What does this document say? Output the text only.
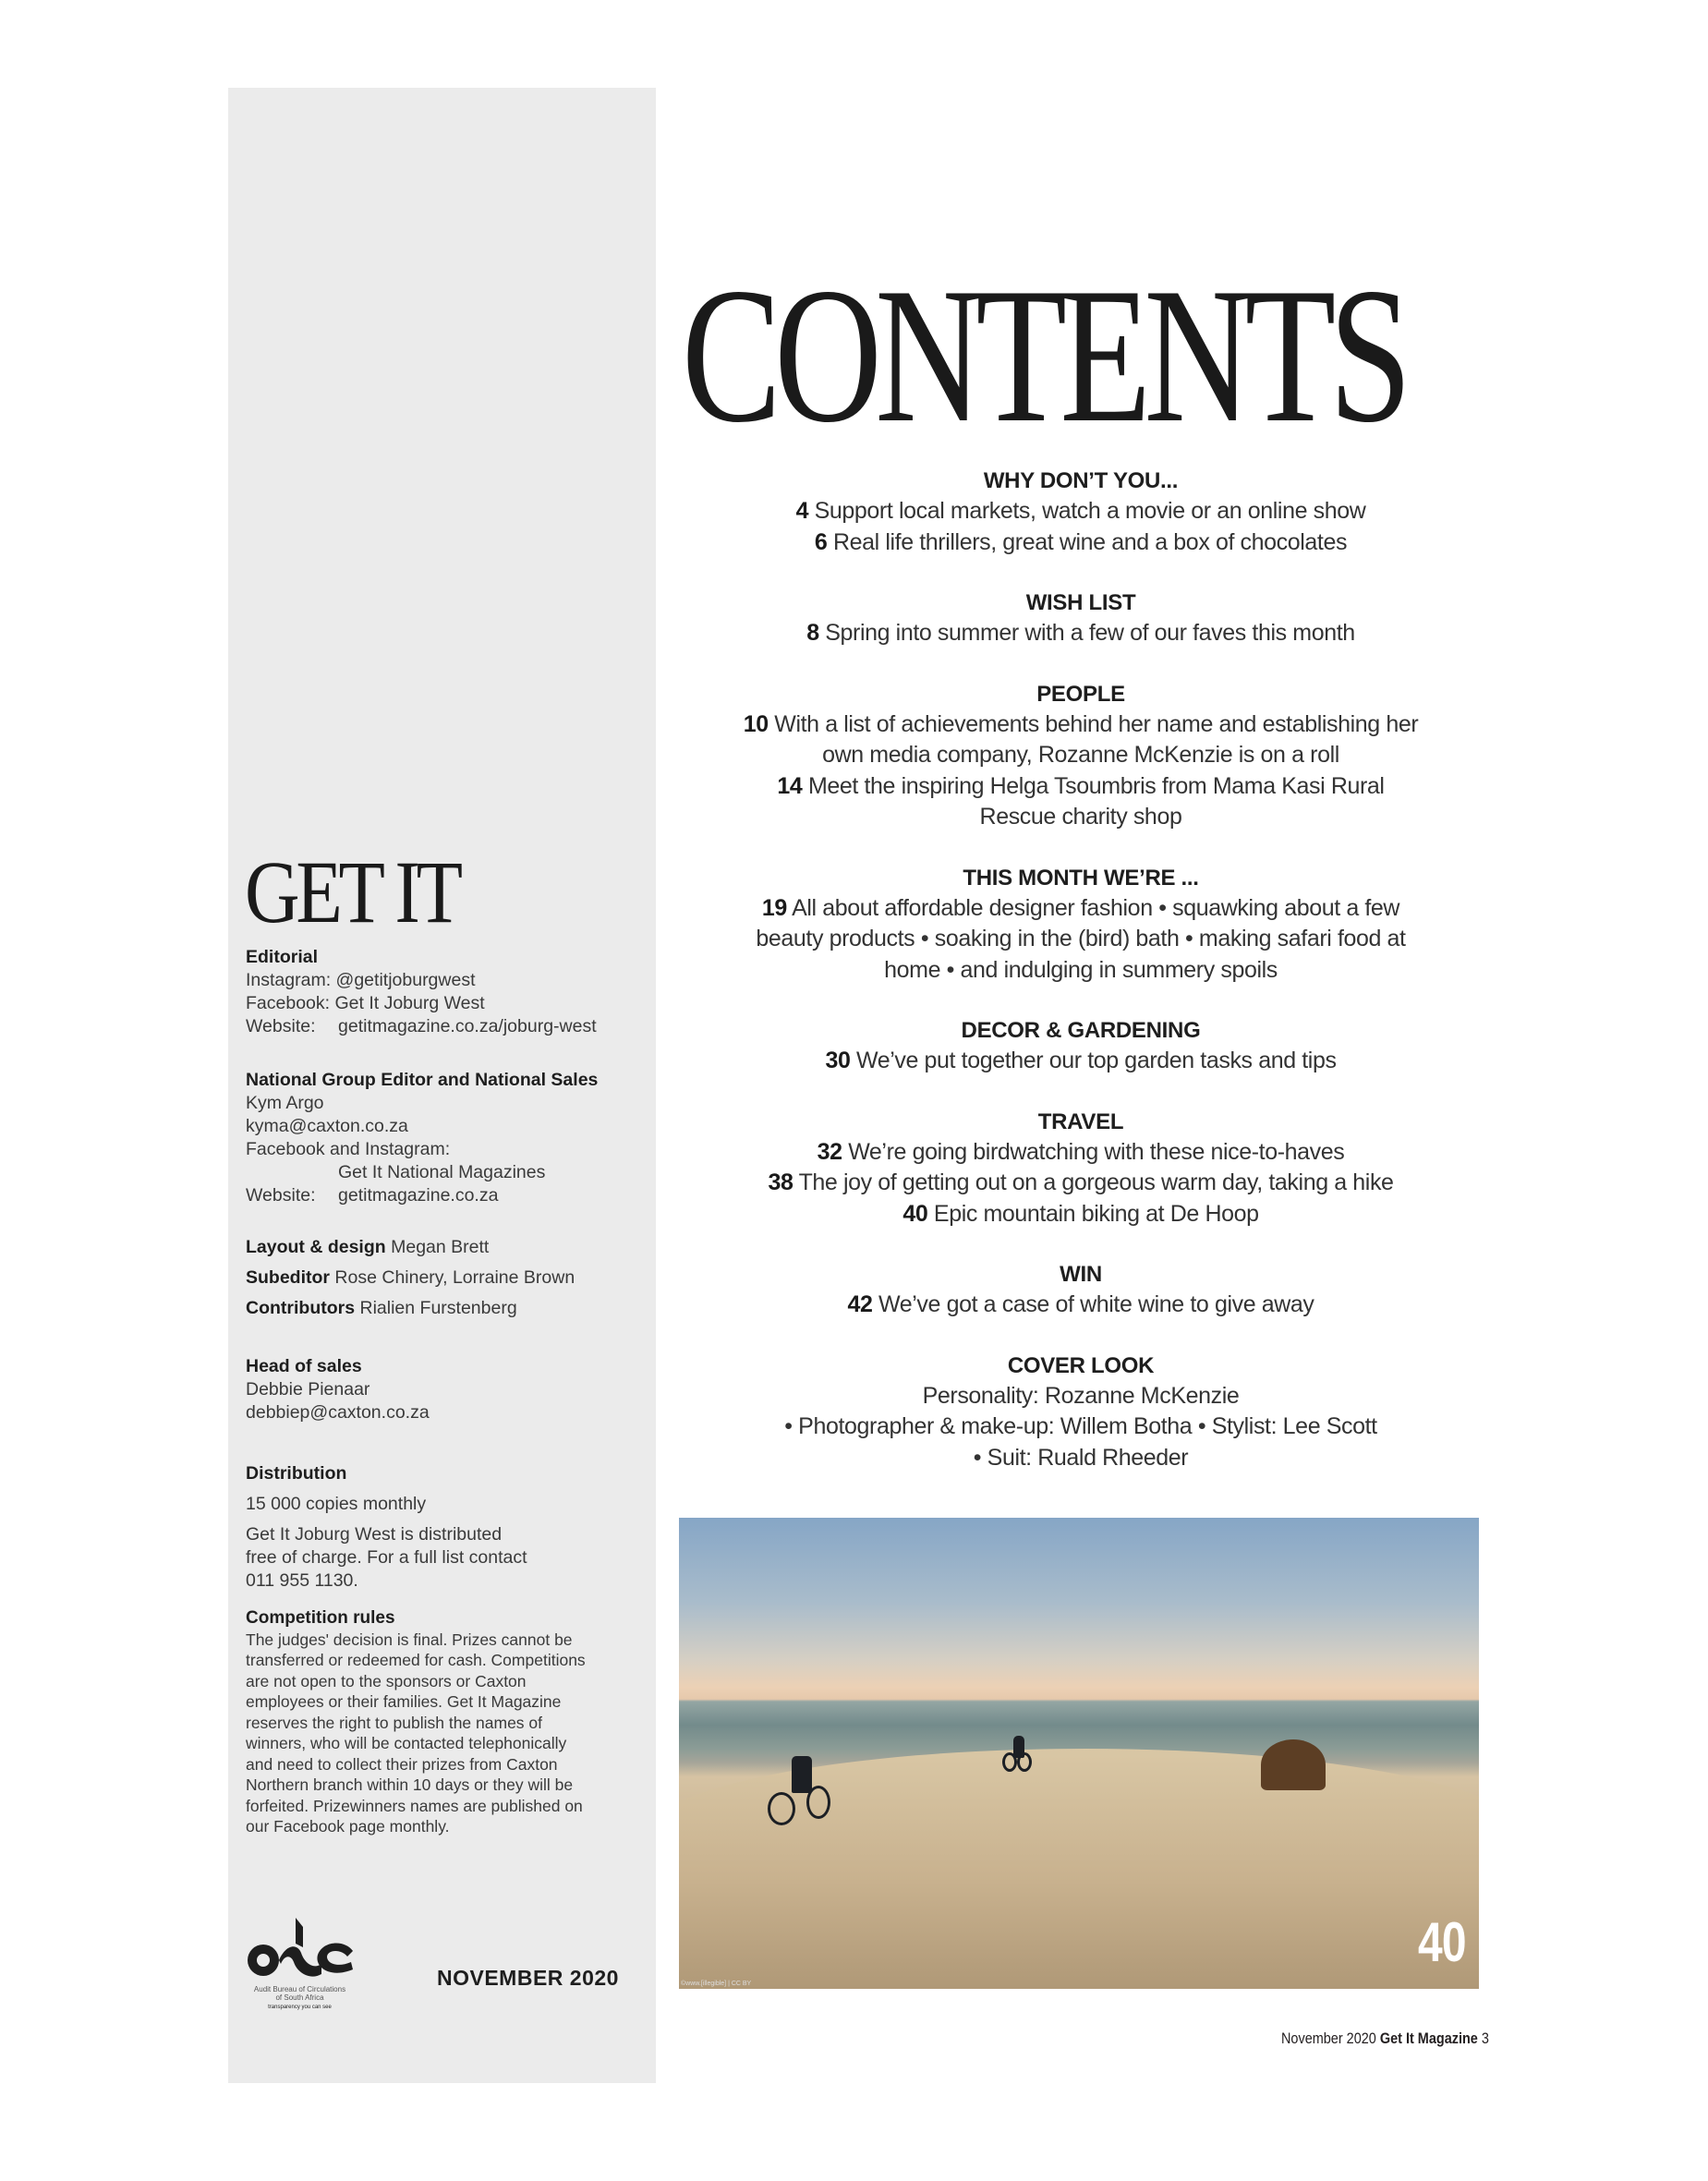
GET IT
Editorial
Instagram: @getitjoburgwest
Facebook: Get It Joburg West
Website: getitmagazine.co.za/joburg-west
National Group Editor and National Sales
Kym Argo
kyma@caxton.co.za
Facebook and Instagram:
Get It National Magazines
Website: getitmagazine.co.za
Layout & design Megan Brett
Subeditor Rose Chinery, Lorraine Brown
Contributors Rialien Furstenberg
Head of sales
Debbie Pienaar
debbiep@caxton.co.za
Distribution
15 000 copies monthly
Get It Joburg West is distributed
free of charge. For a full list contact
011 955 1130.
Competition rules
The judges' decision is final. Prizes cannot be
transferred or redeemed for cash. Competitions
are not open to the sponsors or Caxton
employees or their families. Get It Magazine
reserves the right to publish the names of
winners, who will be contacted telephonically
and need to collect their prizes from Caxton
Northern branch within 10 days or they will be
forfeited. Prizewinners names are published on
our Facebook page monthly.
Audit Bureau of Circulations
of South Africa
transparency you can see
NOVEMBER 2020
CONTENTS
WHY DON’T YOU...
4 Support local markets, watch a movie or an online show
6 Real life thrillers, great wine and a box of chocolates
WISH LIST
8 Spring into summer with a few of our faves this month
PEOPLE
10 With a list of achievements behind her name and establishing her
own media company, Rozanne McKenzie is on a roll
14 Meet the inspiring Helga Tsoumbris from Mama Kasi Rural
Rescue charity shop
THIS MONTH WE’RE ...
19 All about affordable designer fashion • squawking about a few
beauty products • soaking in the (bird) bath • making safari food at
home • and indulging in summery spoils
DECOR & GARDENING
30 We’ve put together our top garden tasks and tips
TRAVEL
32 We’re going birdwatching with these nice-to-haves
38 The joy of getting out on a gorgeous warm day, taking a hike
40 Epic mountain biking at De Hoop
WIN
42 We’ve got a case of white wine to give away
COVER LOOK
Personality: Rozanne McKenzie
• Photographer & make-up: Willem Botha • Stylist: Lee Scott
• Suit: Ruald Rheeder
40
©www.[illegible] | CC BY
November 2020 Get It Magazine 3
